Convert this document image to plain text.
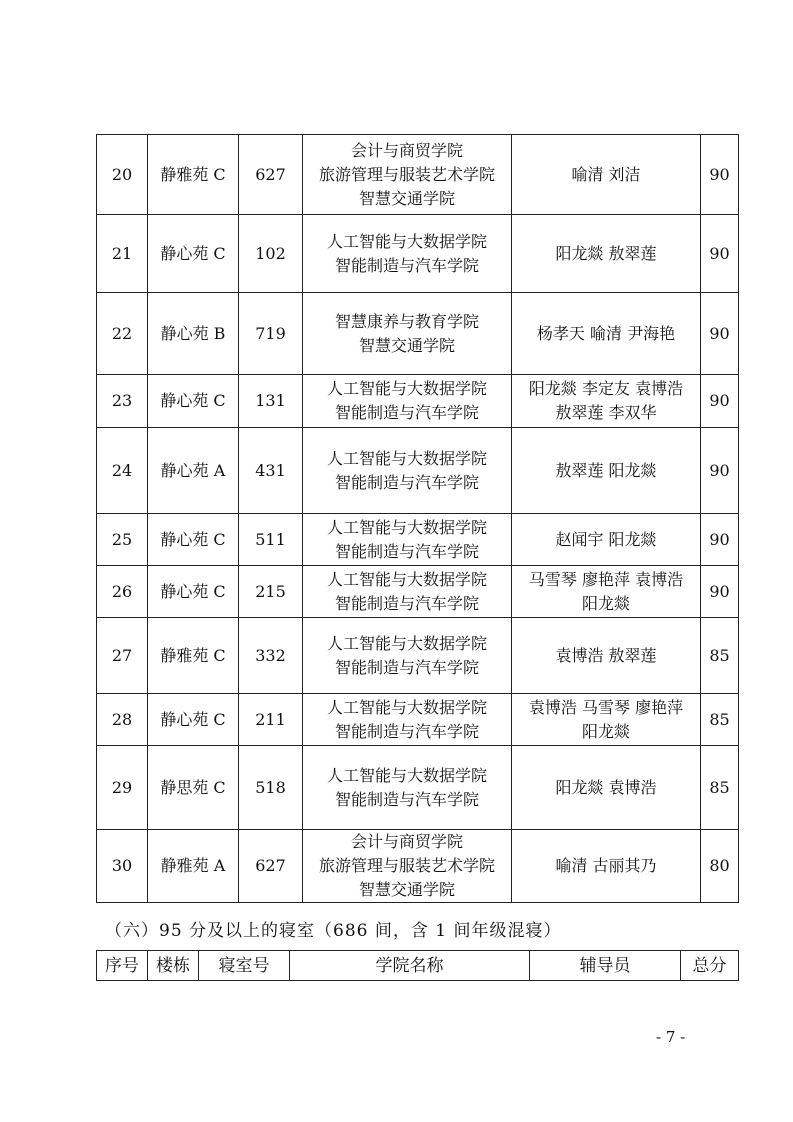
20	静雅苑 C	627	会计与商贸学院
旅游管理与服装艺术学院
智慧交通学院	喻清 刘洁	90
21	静心苑 C	102	人工智能与大数据学院
智能制造与汽车学院	阳龙燚 敖翠莲	90
22	静心苑 B	719	智慧康养与教育学院
智慧交通学院	杨孝天 喻清 尹海艳	90
23	静心苑 C	131	人工智能与大数据学院
智能制造与汽车学院	阳龙燚 李定友 袁博浩
敖翠莲 李双华	90
24	静心苑 A	431	人工智能与大数据学院
智能制造与汽车学院	敖翠莲 阳龙燚	90
25	静心苑 C	511	人工智能与大数据学院
智能制造与汽车学院	赵闻宇 阳龙燚	90
26	静心苑 C	215	人工智能与大数据学院
智能制造与汽车学院	马雪琴 廖艳萍 袁博浩
阳龙燚	90
27	静雅苑 C	332	人工智能与大数据学院
智能制造与汽车学院	袁博浩 敖翠莲	85
28	静心苑 C	211	人工智能与大数据学院
智能制造与汽车学院	袁博浩 马雪琴 廖艳萍
阳龙燚	85
29	静思苑 C	518	人工智能与大数据学院
智能制造与汽车学院	阳龙燚 袁博浩	85
30	静雅苑 A	627	会计与商贸学院
旅游管理与服装艺术学院
智慧交通学院	喻清 古丽其乃	80
（六）95 分及以上的寝室（686 间，含 1 间年级混寝）
序号	楼栋	寝室号	学院名称	辅导员	总分
- 7 -
